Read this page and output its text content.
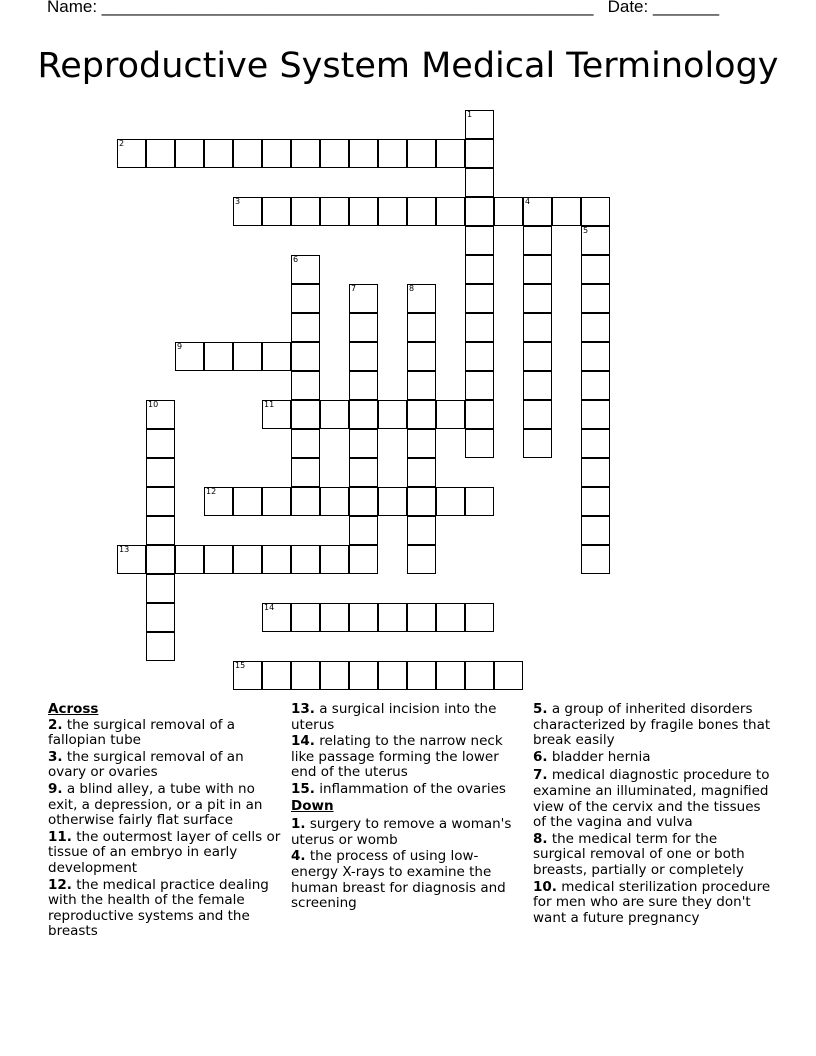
Name: ____________________________________________________   Date: _______
Reproductive System Medical Terminology
2
3	4
9
11
12
13
14
15
1
5
6
7	8
10
Across
2. the surgical removal of a fallopian tube
3. the surgical removal of an ovary or ovaries
9. a blind alley, a tube with no exit, a depression, or a pit in an otherwise fairly flat surface
11. the outermost layer of cells or tissue of an embryo in early development
12. the medical practice dealing with the health of the female reproductive systems and the breasts
13. a surgical incision into the uterus
14. relating to the narrow neck like passage forming the lower end of the uterus
15. inflammation of the ovaries
Down
1. surgery to remove a woman's uterus or womb
4. the process of using low-energy X-rays to examine the human breast for diagnosis and screening
5. a group of inherited disorders characterized by fragile bones that break easily
6. bladder hernia
7. medical diagnostic procedure to examine an illuminated, magnified view of the cervix and the tissues of the vagina and vulva
8. the medical term for the surgical removal of one or both breasts, partially or completely
10. medical sterilization procedure for men who are sure they don't want a future pregnancy
